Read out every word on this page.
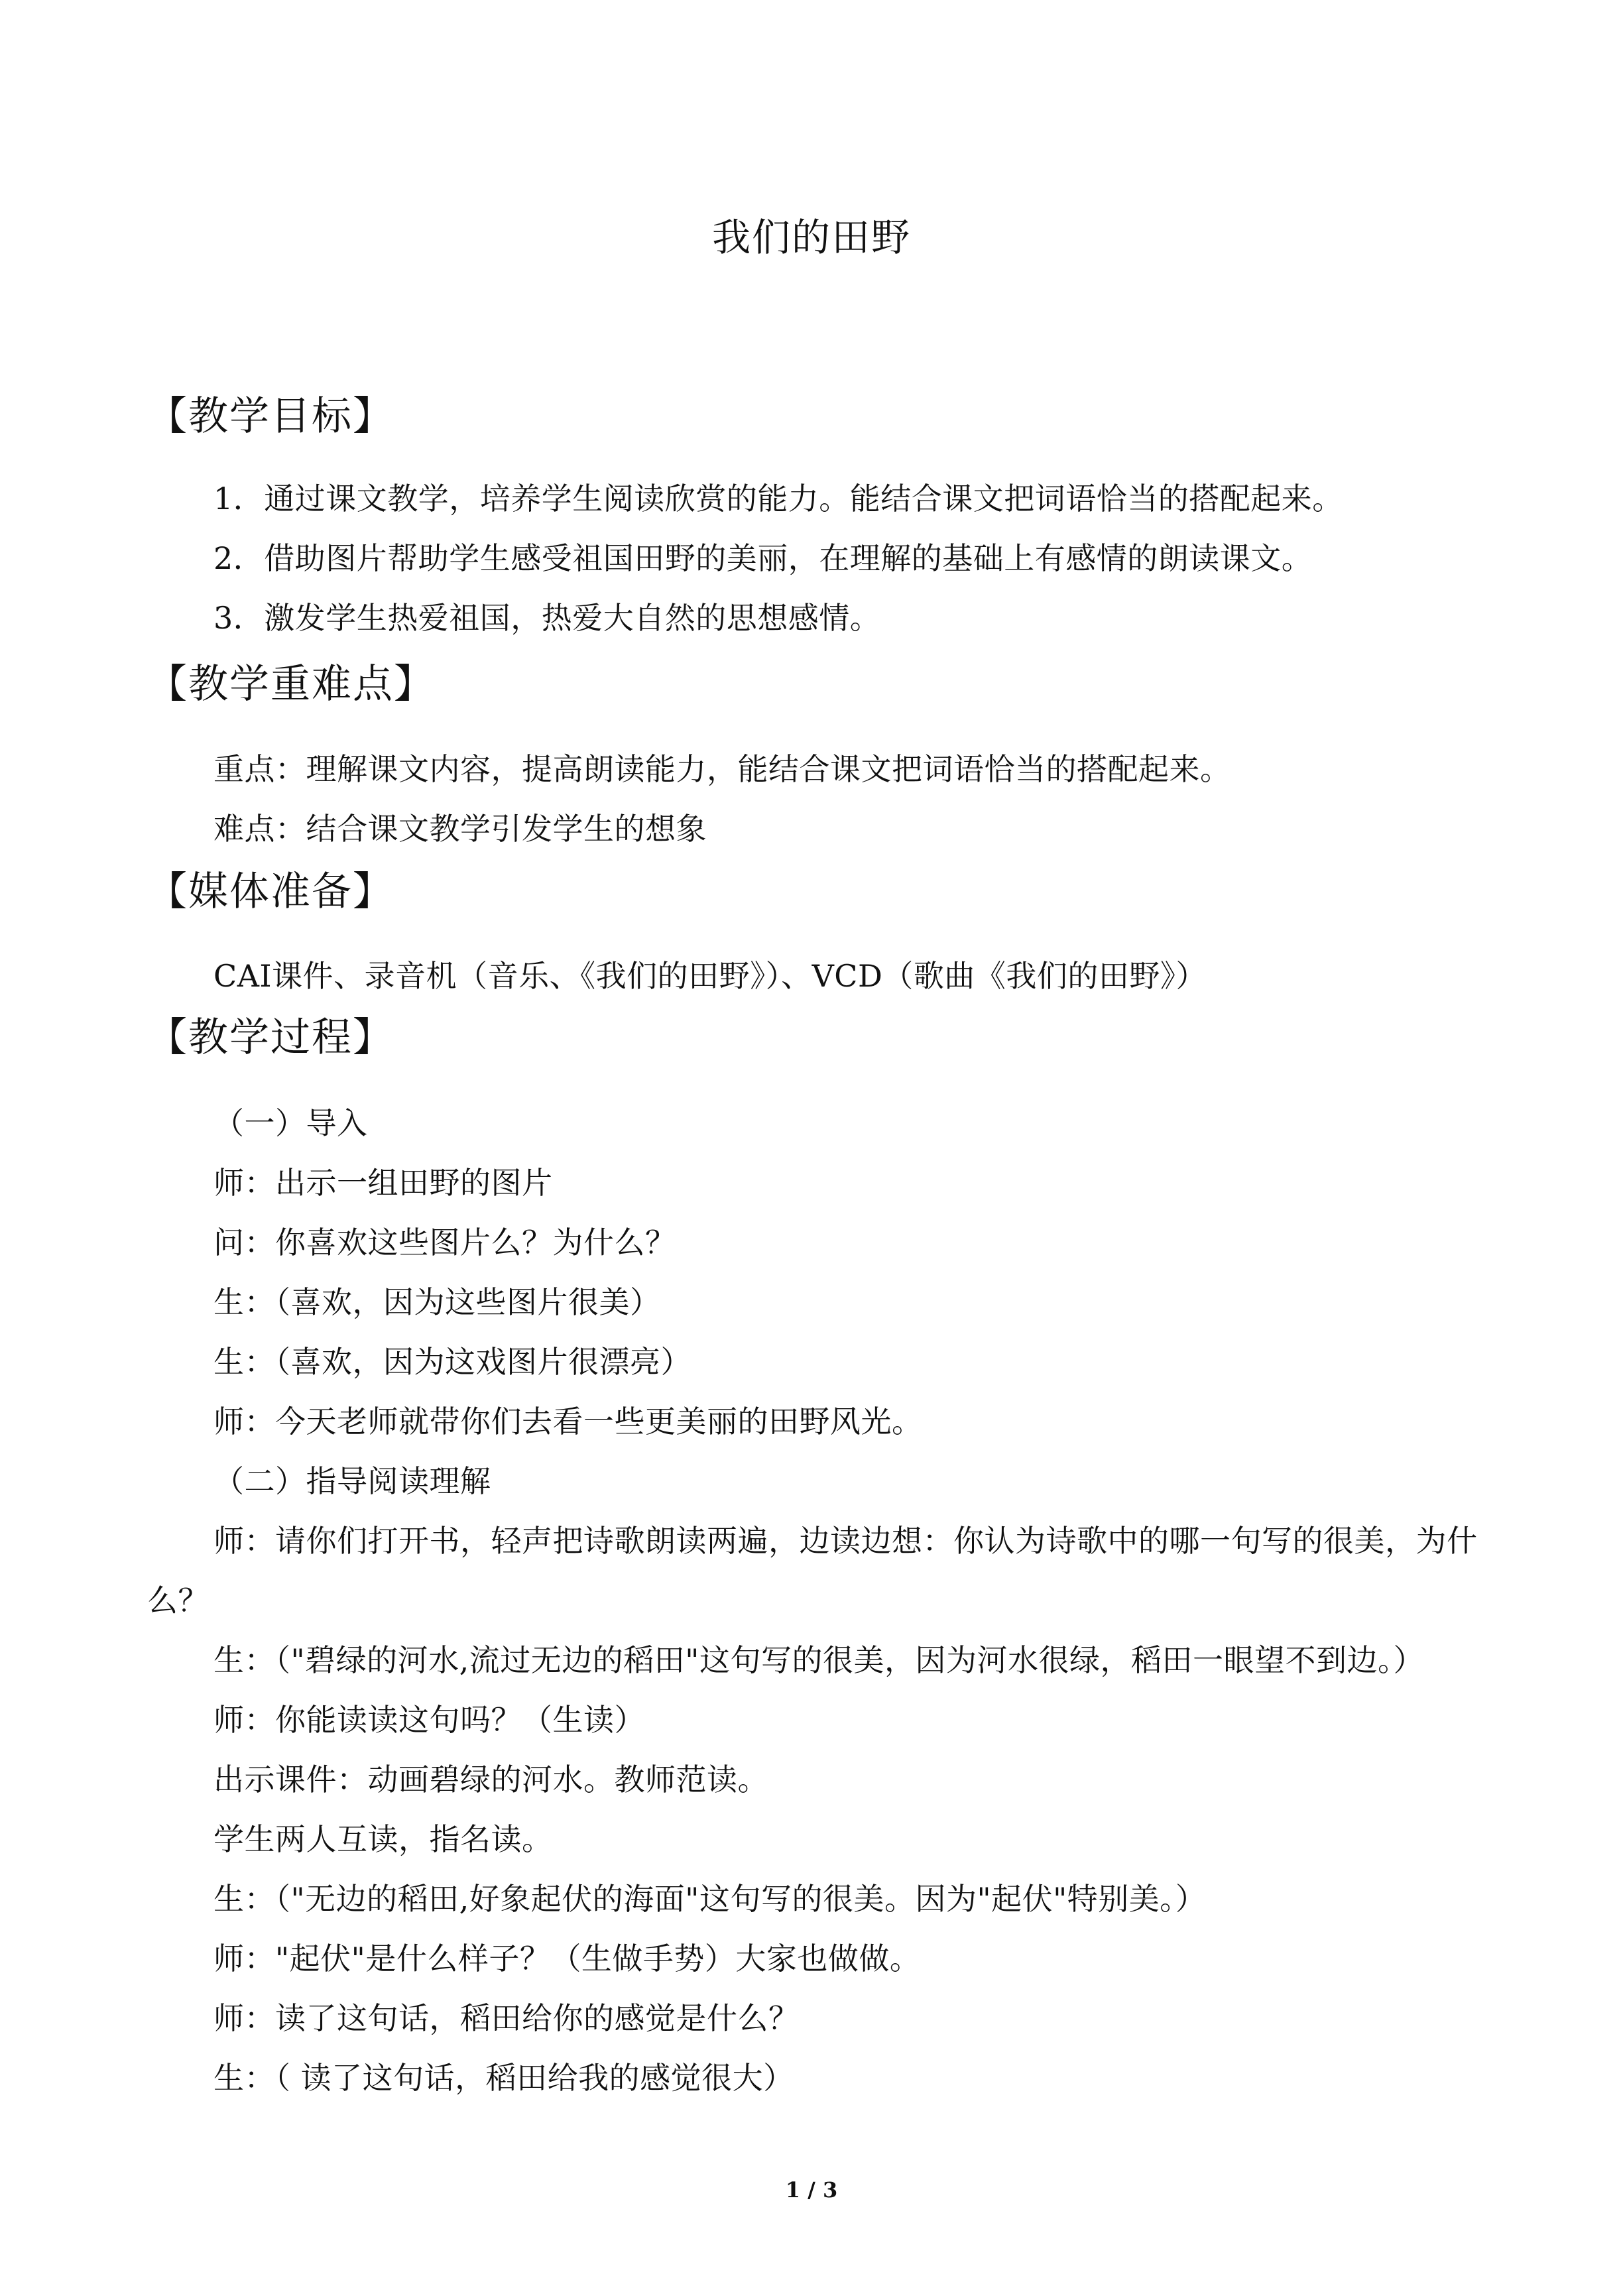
我们的田野
【教学目标】
1．通过课文教学，培养学生阅读欣赏的能力。能结合课文把词语恰当的搭配起来。
2．借助图片帮助学生感受祖国田野的美丽，在理解的基础上有感情的朗读课文。
3．激发学生热爱祖国，热爱大自然的思想感情。
【教学重难点】
重点：理解课文内容，提高朗读能力，能结合课文把词语恰当的搭配起来。
难点：结合课文教学引发学生的想象
【媒体准备】
CAI课件、录音机（音乐、《我们的田野》）、VCD（歌曲《我们的田野》）
【教学过程】
（一）导入
师：出示一组田野的图片
问：你喜欢这些图片么？为什么？
生：（喜欢，因为这些图片很美）
生：（喜欢，因为这戏图片很漂亮）
师：今天老师就带你们去看一些更美丽的田野风光。
（二）指导阅读理解
师：请你们打开书，轻声把诗歌朗读两遍，边读边想：你认为诗歌中的哪一句写的很美，为什么？
生：（"碧绿的河水,流过无边的稻田"这句写的很美，因为河水很绿，稻田一眼望不到边。）
师：你能读读这句吗？（生读）
出示课件：动画碧绿的河水。教师范读。
学生两人互读，指名读。
生：（"无边的稻田,好象起伏的海面"这句写的很美。因为"起伏"特别美。）
师："起伏"是什么样子？（生做手势）大家也做做。
师：读了这句话，稻田给你的感觉是什么？
生：（ 读了这句话，稻田给我的感觉很大）
1 / 3
